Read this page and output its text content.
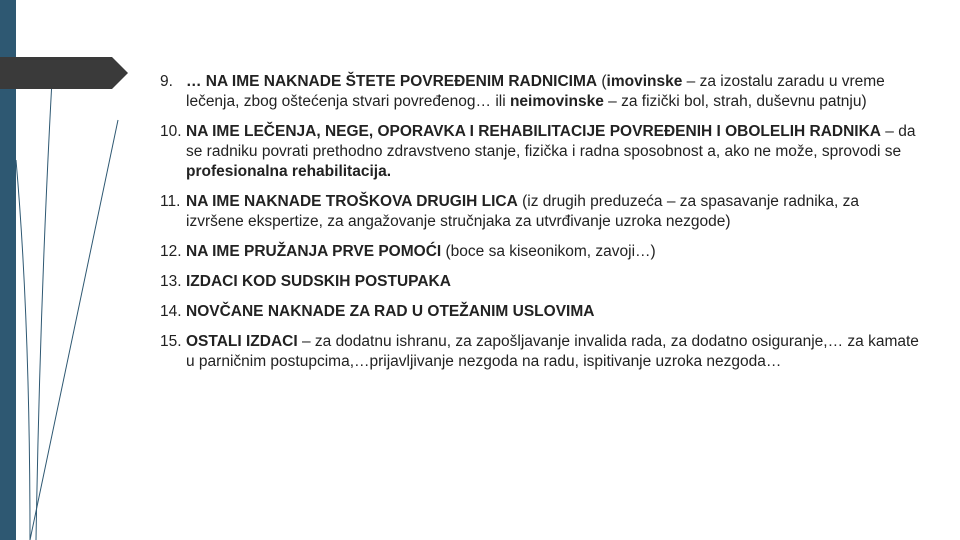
9. … NA IME NAKNADE ŠTETE POVREĐENIM RADNICIMA (imovinske – za izostalu zaradu u vreme lečenja, zbog oštećenja stvari povređenog… ili neimovinske – za fizički bol, strah, duševnu patnju)
10. NA IME LEČENJA, NEGE, OPORAVKA I REHABILITACIJE POVREĐENIH I OBOLELIH RADNIKA – da se radniku povrati prethodno zdravstveno stanje, fizička i radna sposobnost a, ako ne može, sprovodi se profesionalna rehabilitacija.
11. NA IME NAKNADE TROŠKOVA DRUGIH LICA (iz drugih preduzeća – za spasavanje radnika, za izvršene ekspertize, za angažovanje stručnjaka za utvrđivanje uzroka nezgode)
12. NA IME PRUŽANJA PRVE POMOĆI (boce sa kiseonikom, zavoji…)
13. IZDACI KOD SUDSKIH POSTUPAKA
14. NOVČANE NAKNADE ZA RAD U OTEŽANIM USLOVIMA
15. OSTALI IZDACI – za dodatnu ishranu, za zapošljavanje invalida rada, za dodatno osiguranje,… za kamate u parničnim postupcima,…prijavljivanje nezgoda na radu, ispitivanje uzroka nezgoda…
